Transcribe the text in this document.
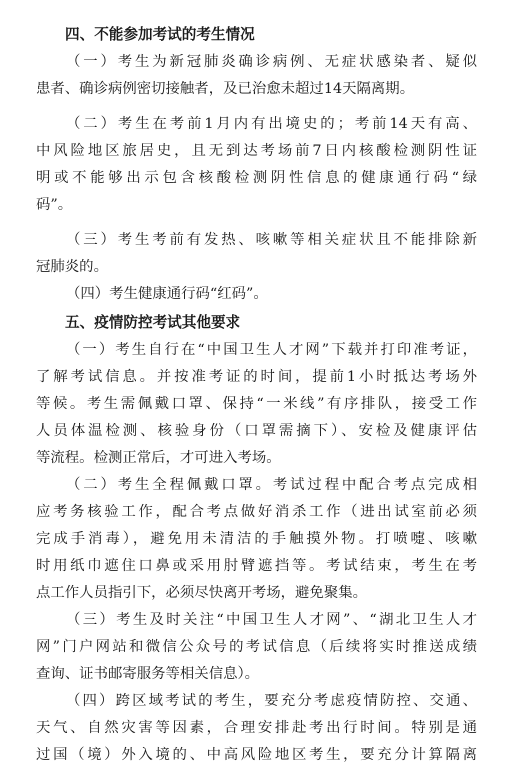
四、不能参加考试的考生情况
（一）考生为新冠肺炎确诊病例、无症状感染者、疑似
患者、确诊病例密切接触者，及已治愈未超过14天隔离期。
（二）考生在考前1月内有出境史的；考前14天有高、
中风险地区旅居史，且无到达考场前7日内核酸检测阴性证
明或不能够出示包含核酸检测阴性信息的健康通行码“绿
码”。
（三）考生考前有发热、咳嗽等相关症状且不能排除新
冠肺炎的。
（四）考生健康通行码“红码”。
五、疫情防控考试其他要求
（一）考生自行在“中国卫生人才网”下载并打印准考证，
了解考试信息。并按准考证的时间，提前1小时抵达考场外
等候。考生需佩戴口罩、保持“一米线”有序排队，接受工作
人员体温检测、核验身份（口罩需摘下）、安检及健康评估
等流程。检测正常后，才可进入考场。
（二）考生全程佩戴口罩。考试过程中配合考点完成相
应考务核验工作，配合考点做好消杀工作（进出试室前必须
完成手消毒），避免用未清洁的手触摸外物。打喷嚏、咳嗽
时用纸巾遮住口鼻或采用肘臂遮挡等。考试结束，考生在考
点工作人员指引下，必须尽快离开考场，避免聚集。
（三）考生及时关注“中国卫生人才网”、“湖北卫生人才
网”门户网站和微信公众号的考试信息（后续将实时推送成绩
查询、证书邮寄服务等相关信息）。
（四）跨区域考试的考生，要充分考虑疫情防控、交通、
天气、自然灾害等因素，合理安排赴考出行时间。特别是通
过国（境）外入境的、中高风险地区考生，要充分计算隔离
